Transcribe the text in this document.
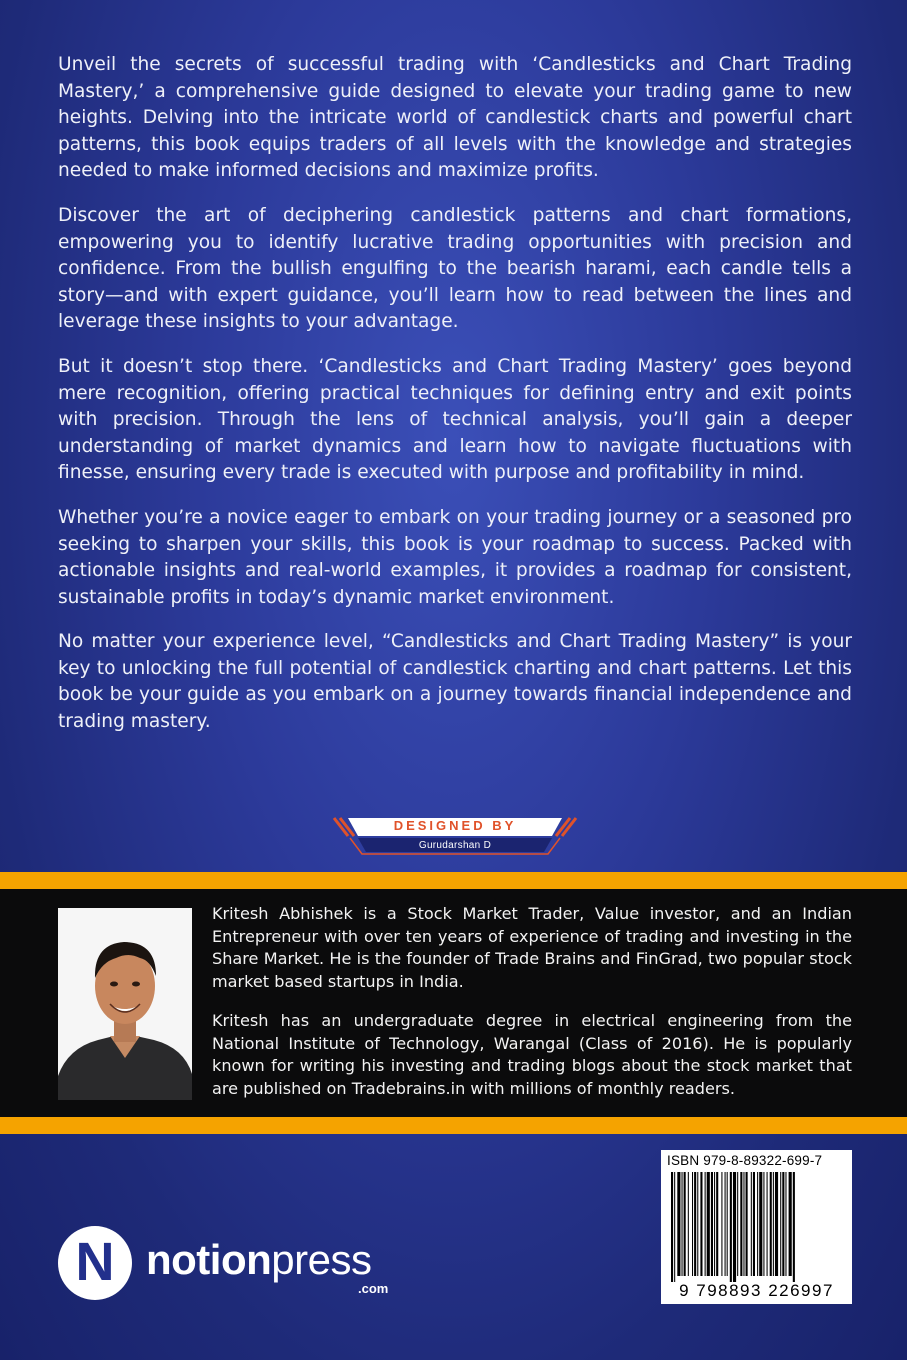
Unveil the secrets of successful trading with ‘Candlesticks and Chart Trading Mastery,’ a comprehensive guide designed to elevate your trading game to new heights. Delving into the intricate world of candlestick charts and powerful chart patterns, this book equips traders of all levels with the knowledge and strategies needed to make informed decisions and maximize profits.

Discover the art of deciphering candlestick patterns and chart formations, empowering you to identify lucrative trading opportunities with precision and confidence. From the bullish engulfing to the bearish harami, each candle tells a story—and with expert guidance, you’ll learn how to read between the lines and leverage these insights to your advantage.

But it doesn’t stop there. ‘Candlesticks and Chart Trading Mastery’ goes beyond mere recognition, offering practical techniques for defining entry and exit points with precision. Through the lens of technical analysis, you’ll gain a deeper understanding of market dynamics and learn how to navigate fluctuations with finesse, ensuring every trade is executed with purpose and profitability in mind.

Whether you’re a novice eager to embark on your trading journey or a seasoned pro seeking to sharpen your skills, this book is your roadmap to success. Packed with actionable insights and real-world examples, it provides a roadmap for consistent, sustainable profits in today’s dynamic market environment.

No matter your experience level, “Candlesticks and Chart Trading Mastery” is your key to unlocking the full potential of candlestick charting and chart patterns. Let this book be your guide as you embark on a journey towards financial independence and trading mastery.

DESIGNED BY
Gurudarshan D

Kritesh Abhishek is a Stock Market Trader, Value investor, and an Indian Entrepreneur with over ten years of experience of trading and investing in the Share Market. He is the founder of Trade Brains and FinGrad, two popular stock market based startups in India.

Kritesh has an undergraduate degree in electrical engineering from the National Institute of Technology, Warangal (Class of 2016). He is popularly known for writing his investing and trading blogs about the stock market that are published on Tradebrains.in with millions of monthly readers.

N notionpress
.com
ISBN 979-8-89322-699-7
9 798893 226997
